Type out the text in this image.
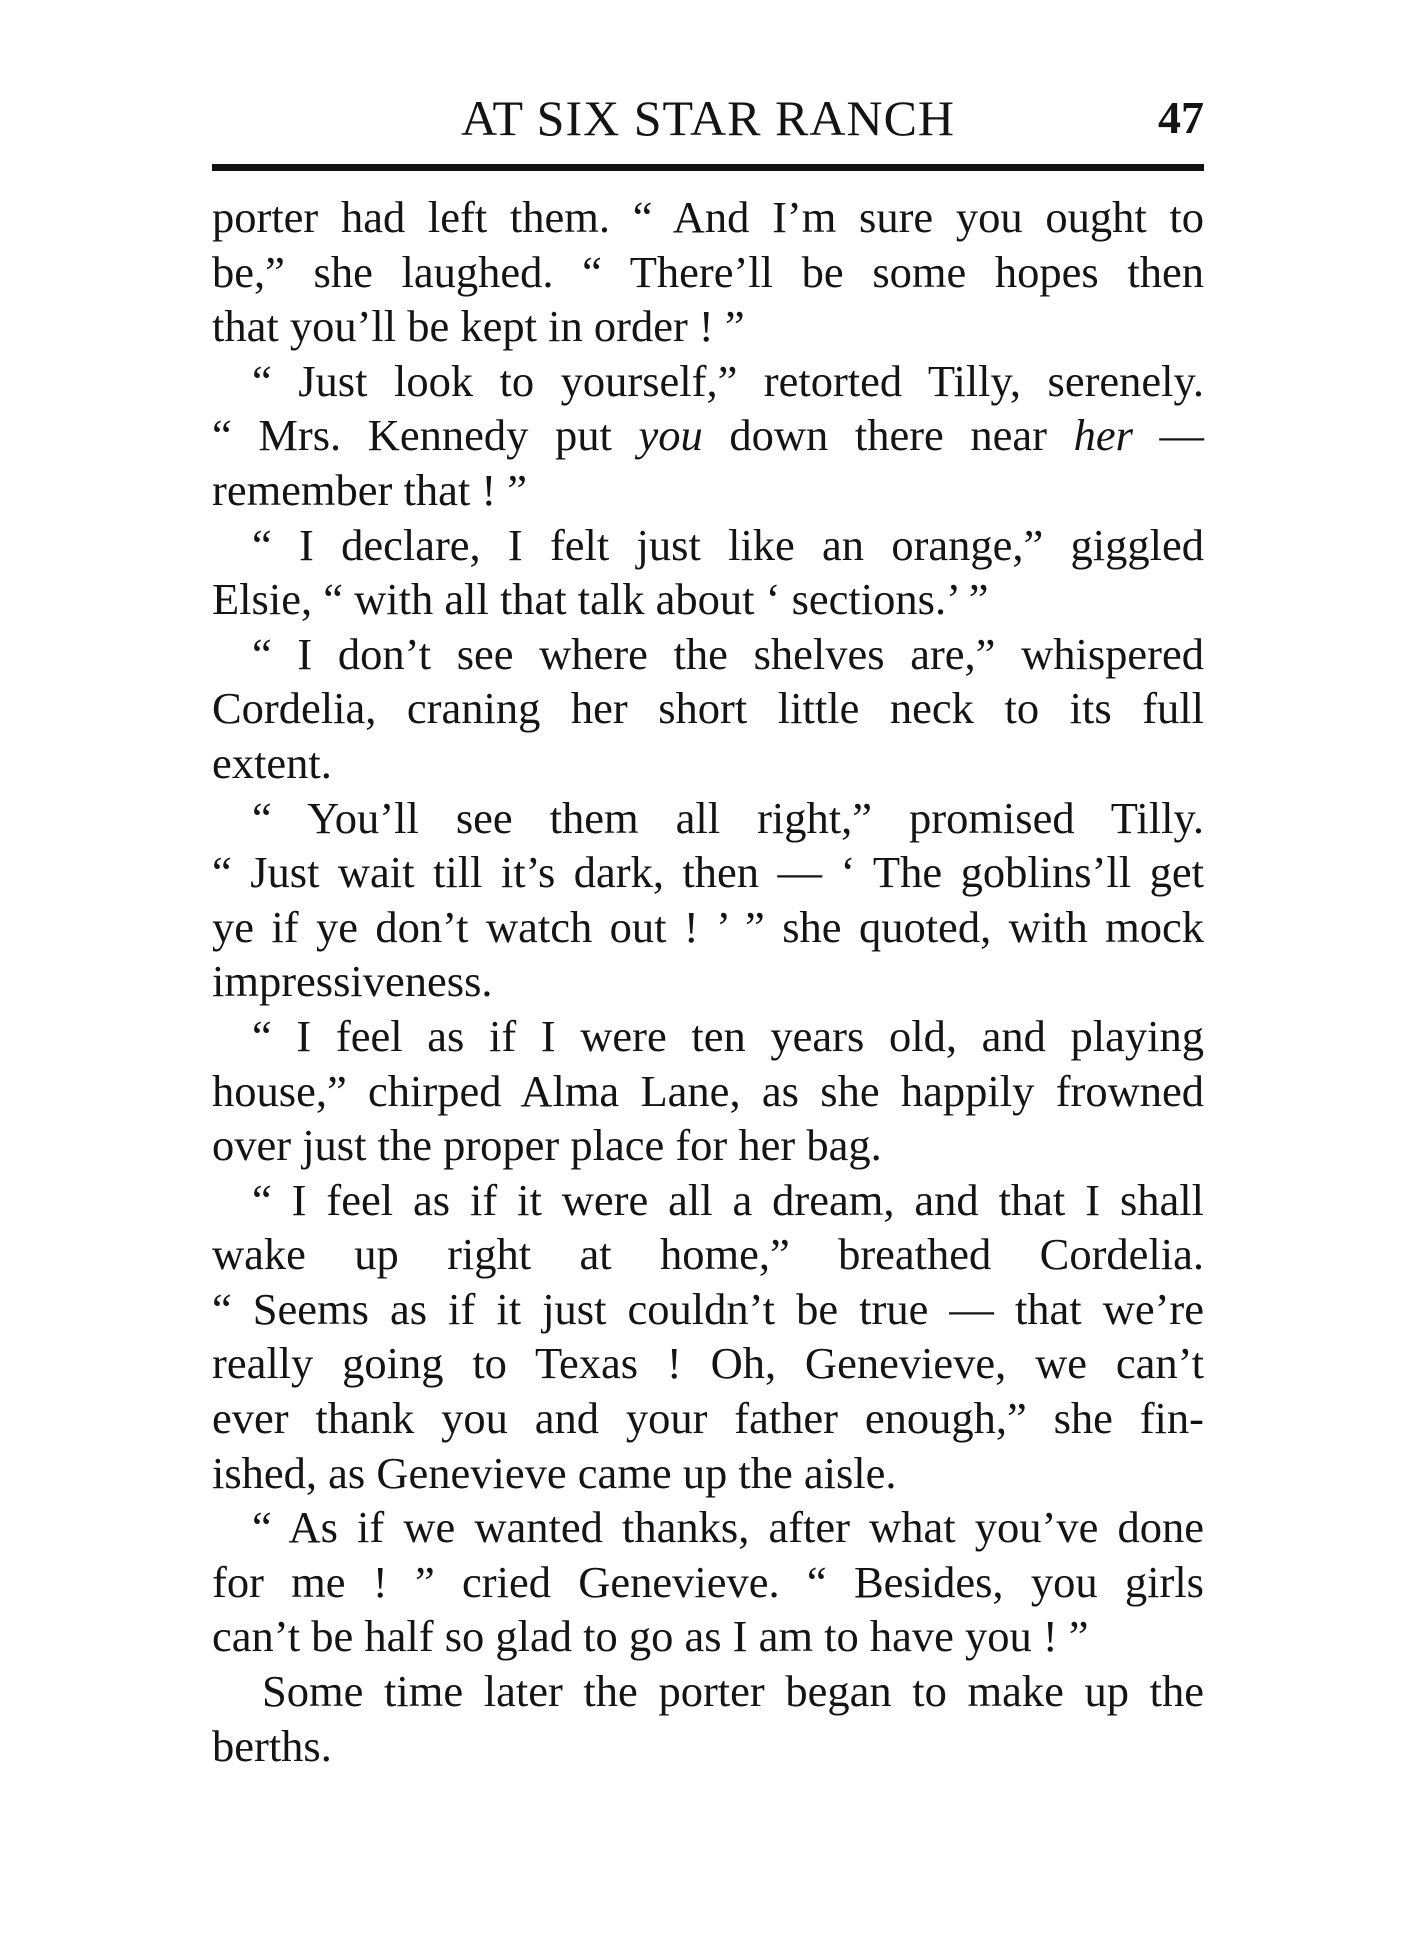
AT SIX STAR RANCH	47
porter had left them. “ And I’m sure you ought to
be,” she laughed. “ There’ll be some hopes then
that you’ll be kept in order ! ”
“ Just look to yourself,” retorted Tilly, serenely.
“ Mrs. Kennedy put you down there near her —
remember that ! ”
“ I declare, I felt just like an orange,” giggled
Elsie, “ with all that talk about ‘ sections.’ ”
“ I don’t see where the shelves are,” whispered
Cordelia, craning her short little neck to its full
extent.
“ You’ll see them all right,” promised Tilly.
“ Just wait till it’s dark, then — ‘ The goblins’ll get
ye if ye don’t watch out ! ’ ” she quoted, with mock
impressiveness.
“ I feel as if I were ten years old, and playing
house,” chirped Alma Lane, as she happily frowned
over just the proper place for her bag.
“ I feel as if it were all a dream, and that I shall
wake up right at home,” breathed Cordelia.
“ Seems as if it just couldn’t be true — that we’re
really going to Texas ! Oh, Genevieve, we can’t
ever thank you and your father enough,” she fin-
ished, as Genevieve came up the aisle.
“ As if we wanted thanks, after what you’ve done
for me ! ” cried Genevieve. “ Besides, you girls
can’t be half so glad to go as I am to have you ! ”
Some time later the porter began to make up the
berths.
